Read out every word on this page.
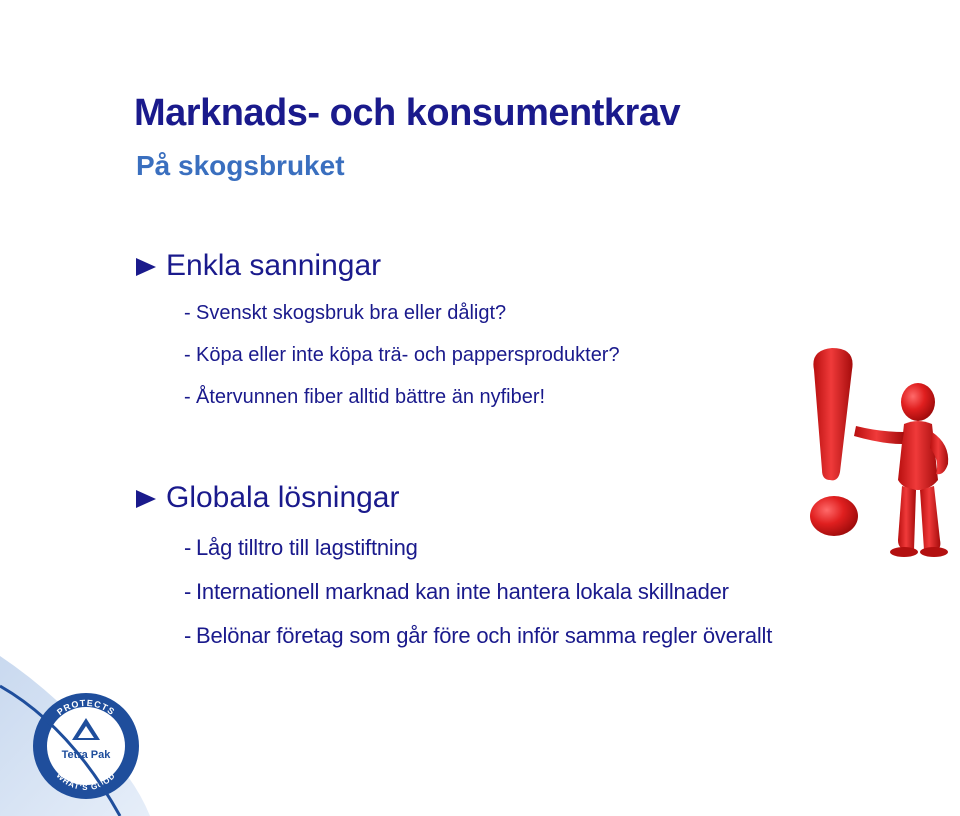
Marknads- och konsumentkrav
På skogsbruket
Enkla sanningar
- Svenskt skogsbruk bra eller dåligt?
- Köpa eller inte köpa trä- och pappersprodukter?
- Återvunnen fiber alltid bättre än nyfiber!
Globala lösningar
- Låg tilltro till lagstiftning
- Internationell marknad kan inte hantera lokala skillnader
- Belönar företag som går före och inför samma regler överallt
PROTECTS
WHAT'S GOOD
Tetra Pak
